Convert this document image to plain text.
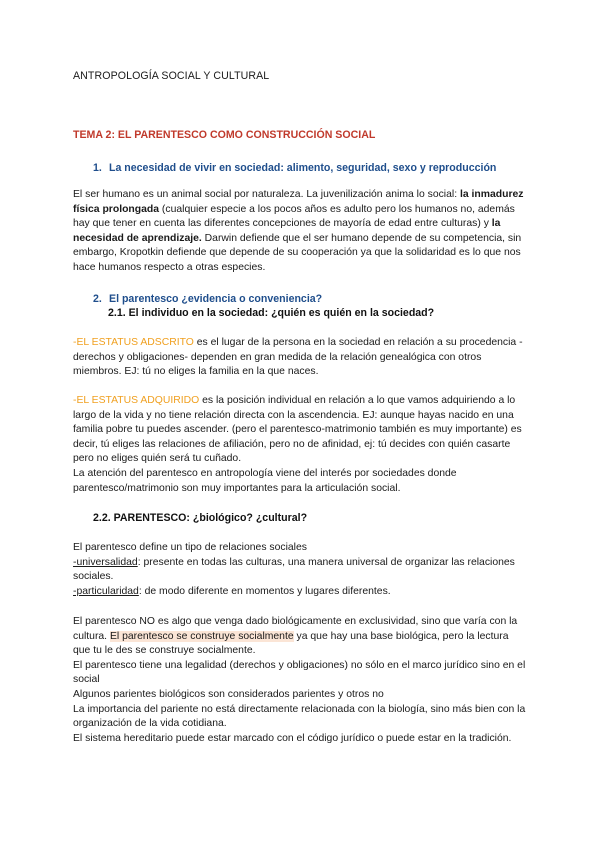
ANTROPOLOGÍA SOCIAL Y CULTURAL

TEMA 2: EL PARENTESCO COMO CONSTRUCCIÓN SOCIAL

1. La necesidad de vivir en sociedad: alimento, seguridad, sexo y reproducción

El ser humano es un animal social por naturaleza. La juvenilización anima lo social: la inmadurez física prolongada (cualquier especie a los pocos años es adulto pero los humanos no, además hay que tener en cuenta las diferentes concepciones de mayoría de edad entre culturas) y la necesidad de aprendizaje. Darwin defiende que el ser humano depende de su competencia, sin embargo, Kropotkin defiende que depende de su cooperación ya que la solidaridad es lo que nos hace humanos respecto a otras especies.

2. El parentesco ¿evidencia o conveniencia?

2.1. El individuo en la sociedad: ¿quién es quién en la sociedad?

-EL ESTATUS ADSCRITO es el lugar de la persona en la sociedad en relación a su procedencia -derechos y obligaciones- dependen en gran medida de la relación genealógica con otros miembros. EJ: tú no eliges la familia en la que naces.

-EL ESTATUS ADQUIRIDO es la posición individual en relación a lo que vamos adquiriendo a lo largo de la vida y no tiene relación directa con la ascendencia. EJ: aunque hayas nacido en una familia pobre tu puedes ascender. (pero el parentesco-matrimonio también es muy importante) es decir, tú eliges las relaciones de afiliación, pero no de afinidad, ej: tú decides con quién casarte pero no eliges quién será tu cuñado.
La atención del parentesco en antropología viene del interés por sociedades donde parentesco/matrimonio son muy importantes para la articulación social.

2.2. PARENTESCO: ¿biológico? ¿cultural?

El parentesco define un tipo de relaciones sociales
-universalidad: presente en todas las culturas, una manera universal de organizar las relaciones sociales.
-particularidad: de modo diferente en momentos y lugares diferentes.
El parentesco NO es algo que venga dado biológicamente en exclusividad, sino que varía con la cultura. El parentesco se construye socialmente ya que hay una base biológica, pero la lectura que tu le des se construye socialmente.
El parentesco tiene una legalidad (derechos y obligaciones) no sólo en el marco jurídico sino en el social
Algunos parientes biológicos son considerados parientes y otros no
La importancia del pariente no está directamente relacionada con la biología, sino más bien con la organización de la vida cotidiana.
El sistema hereditario puede estar marcado con el código jurídico o puede estar en la tradición.
